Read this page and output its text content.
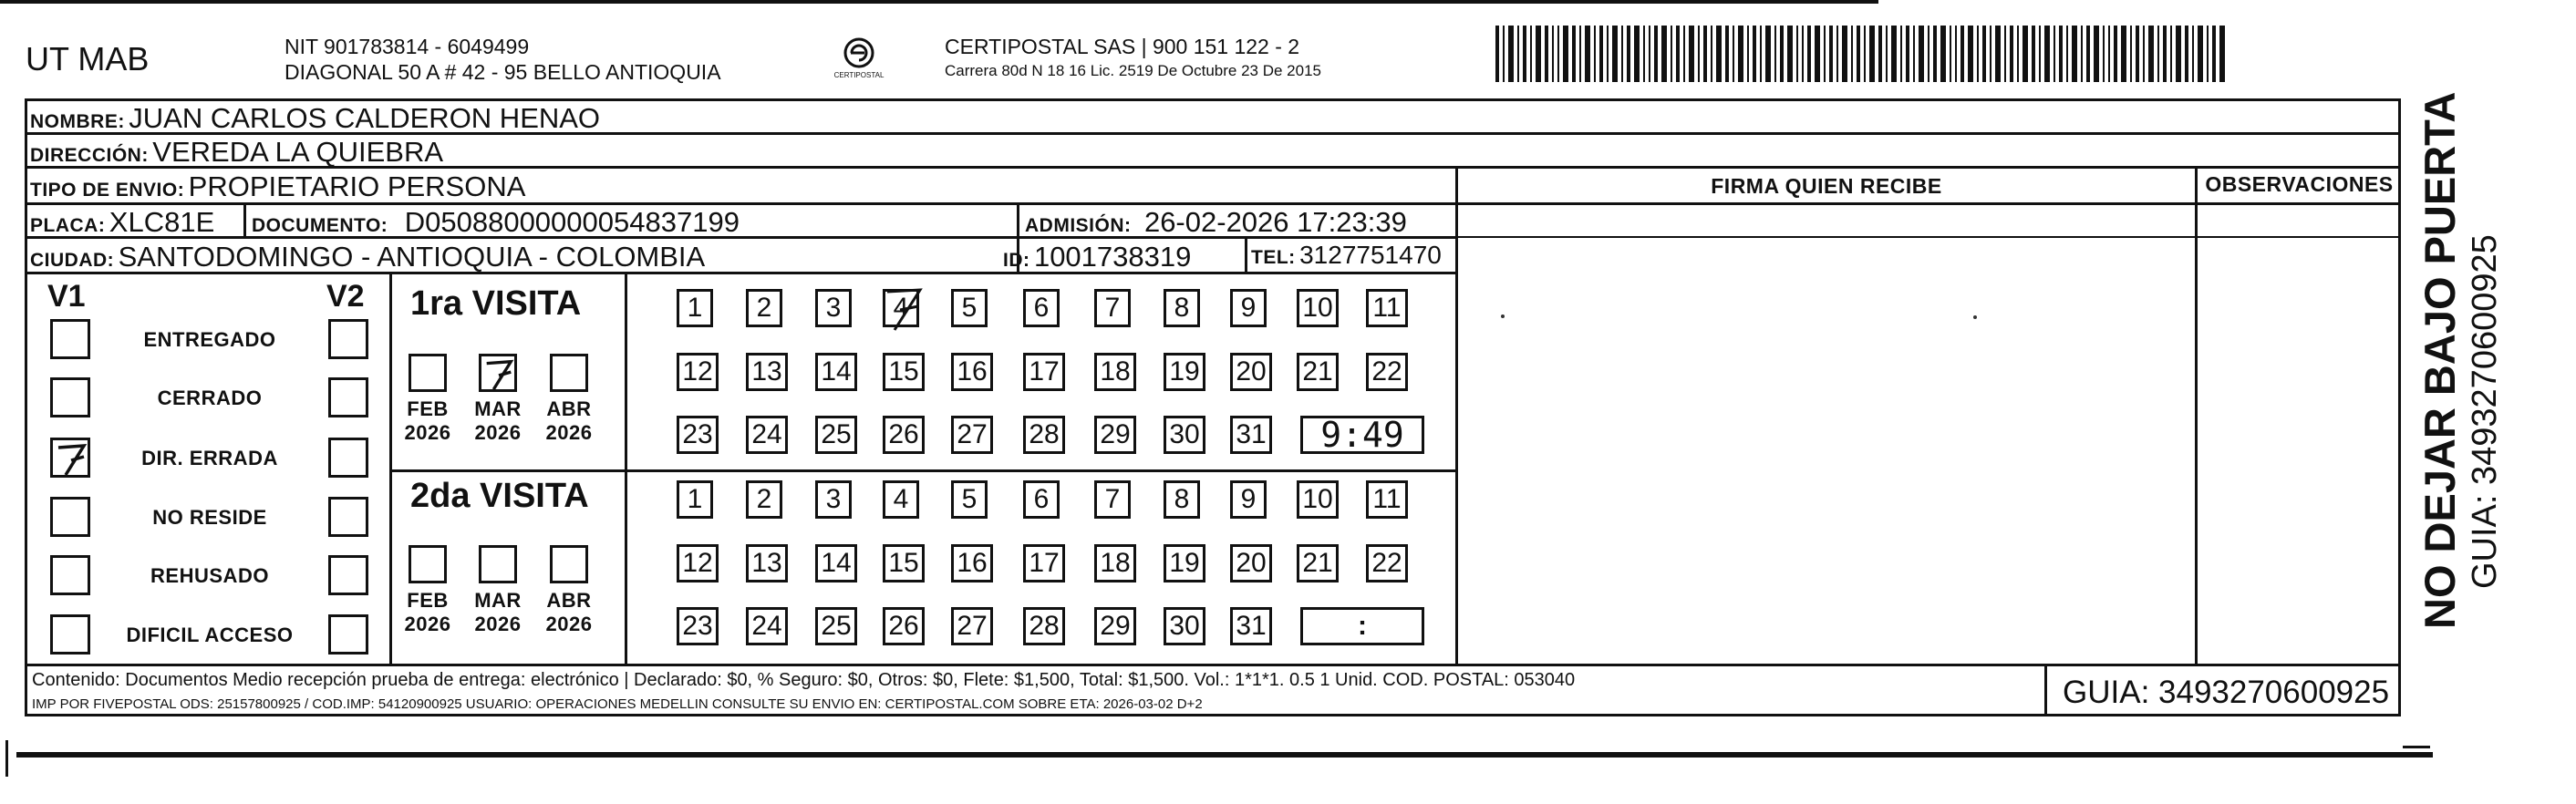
UT MAB	NIT 901783814 - 6049499
DIAGONAL 50 A # 42 - 95 BELLO ANTIOQUIA	CERTIPOSTAL
CERTIPOSTAL SAS | 900 151 122 - 2
Carrera 80d N 18 16 Lic. 2519 De Octubre 23 De 2015
NOMBRE: JUAN CARLOS CALDERON HENAO
DIRECCIÓN: VEREDA LA QUIEBRA
TIPO DE ENVIO: PROPIETARIO PERSONA
PLACA: XLC81E DOCUMENTO: D05088000000054837199	ADMISIÓN: 26-02-2026 17:23:39
CIUDAD: SANTODOMINGO - ANTIOQUIA - COLOMBIA	ID: 1001738319	TEL: 3127751470
FIRMA QUIEN RECIBE	OBSERVACIONES
V1	V2
ENTREGADO
CERRADO
DIR. ERRADA
NO RESIDE
REHUSADO
DIFICIL ACCESO
1ra VISITA
2da VISITA
FEB
2026
MAR
2026
ABR
2026
1 2 3 4 5 6 7 8 9 10 11
12 13 14 15 16 17 18 19 20 21 22
23 24 25 26 27 28 29 30 31 9:49
FEB
2026
MAR
2026
ABR
2026
1 2 3 4 5 6 7 8 9 10 11
12 13 14 15 16 17 18 19 20 21 22
23 24 25 26 27 28 29 30 31	:
Contenido: Documentos Medio recepción prueba de entrega: electrónico | Declarado: $0, % Seguro: $0, Otros: $0, Flete: $1,500, Total: $1,500. Vol.: 1*1*1. 0.5 1 Unid. COD. POSTAL: 053040
IMP POR FIVEPOSTAL ODS: 25157800925 / COD.IMP: 54120900925 USUARIO: OPERACIONES MEDELLIN CONSULTE SU ENVIO EN: CERTIPOSTAL.COM SOBRE ETA: 2026-03-02 D+2	GUIA: 3493270600925
NO DEJAR BAJO PUERTA GUIA: 3493270600925
